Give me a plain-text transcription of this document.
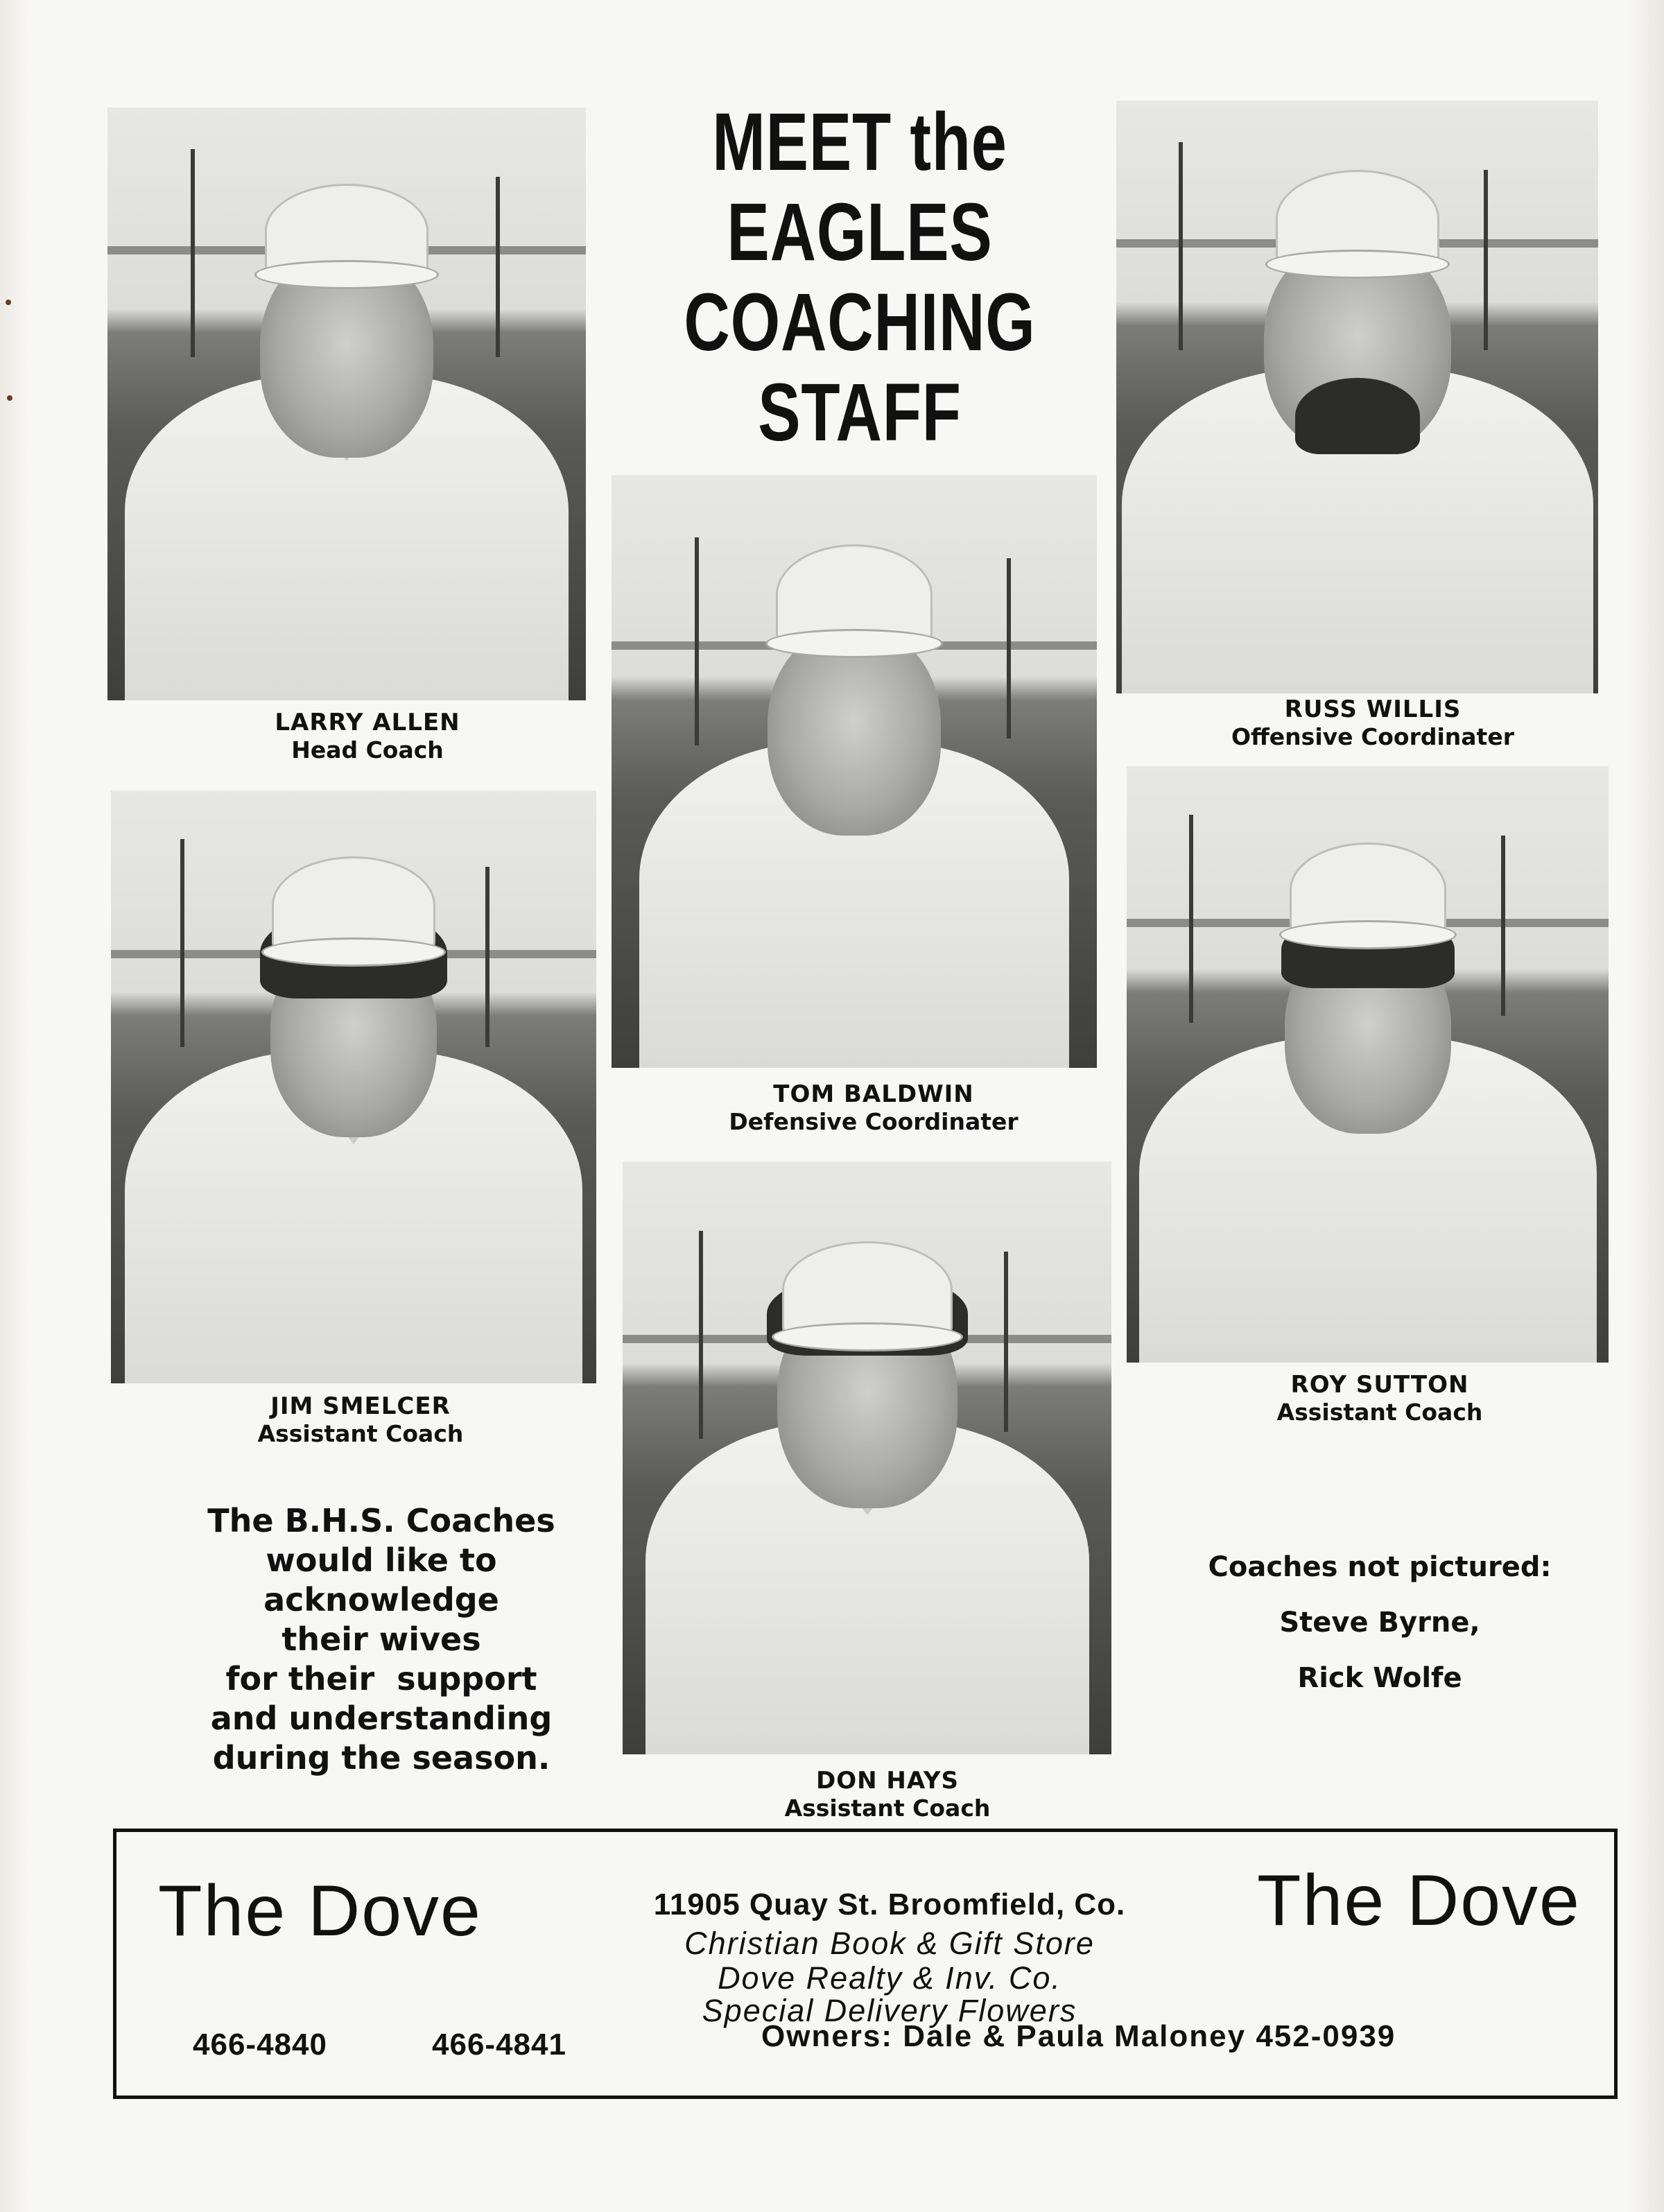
MEET the
EAGLES
COACHING
STAFF
LARRY ALLEN
Head Coach
RUSS WILLIS
Offensive Coordinater
TOM BALDWIN
Defensive Coordinater
JIM SMELCER
Assistant Coach
ROY SUTTON
Assistant Coach
DON HAYS
Assistant Coach
The B.H.S. Coaches
would like to
acknowledge
their wives
for their  support
and understanding
during the season.
Coaches not pictured:
Steve Byrne,
Rick Wolfe
The Dove	The Dove
11905 Quay St. Broomfield, Co.
Christian Book & Gift Store
Dove Realty & Inv. Co.
Special Delivery Flowers
466-4840	466-4841	Owners: Dale & Paula Maloney 452-0939
